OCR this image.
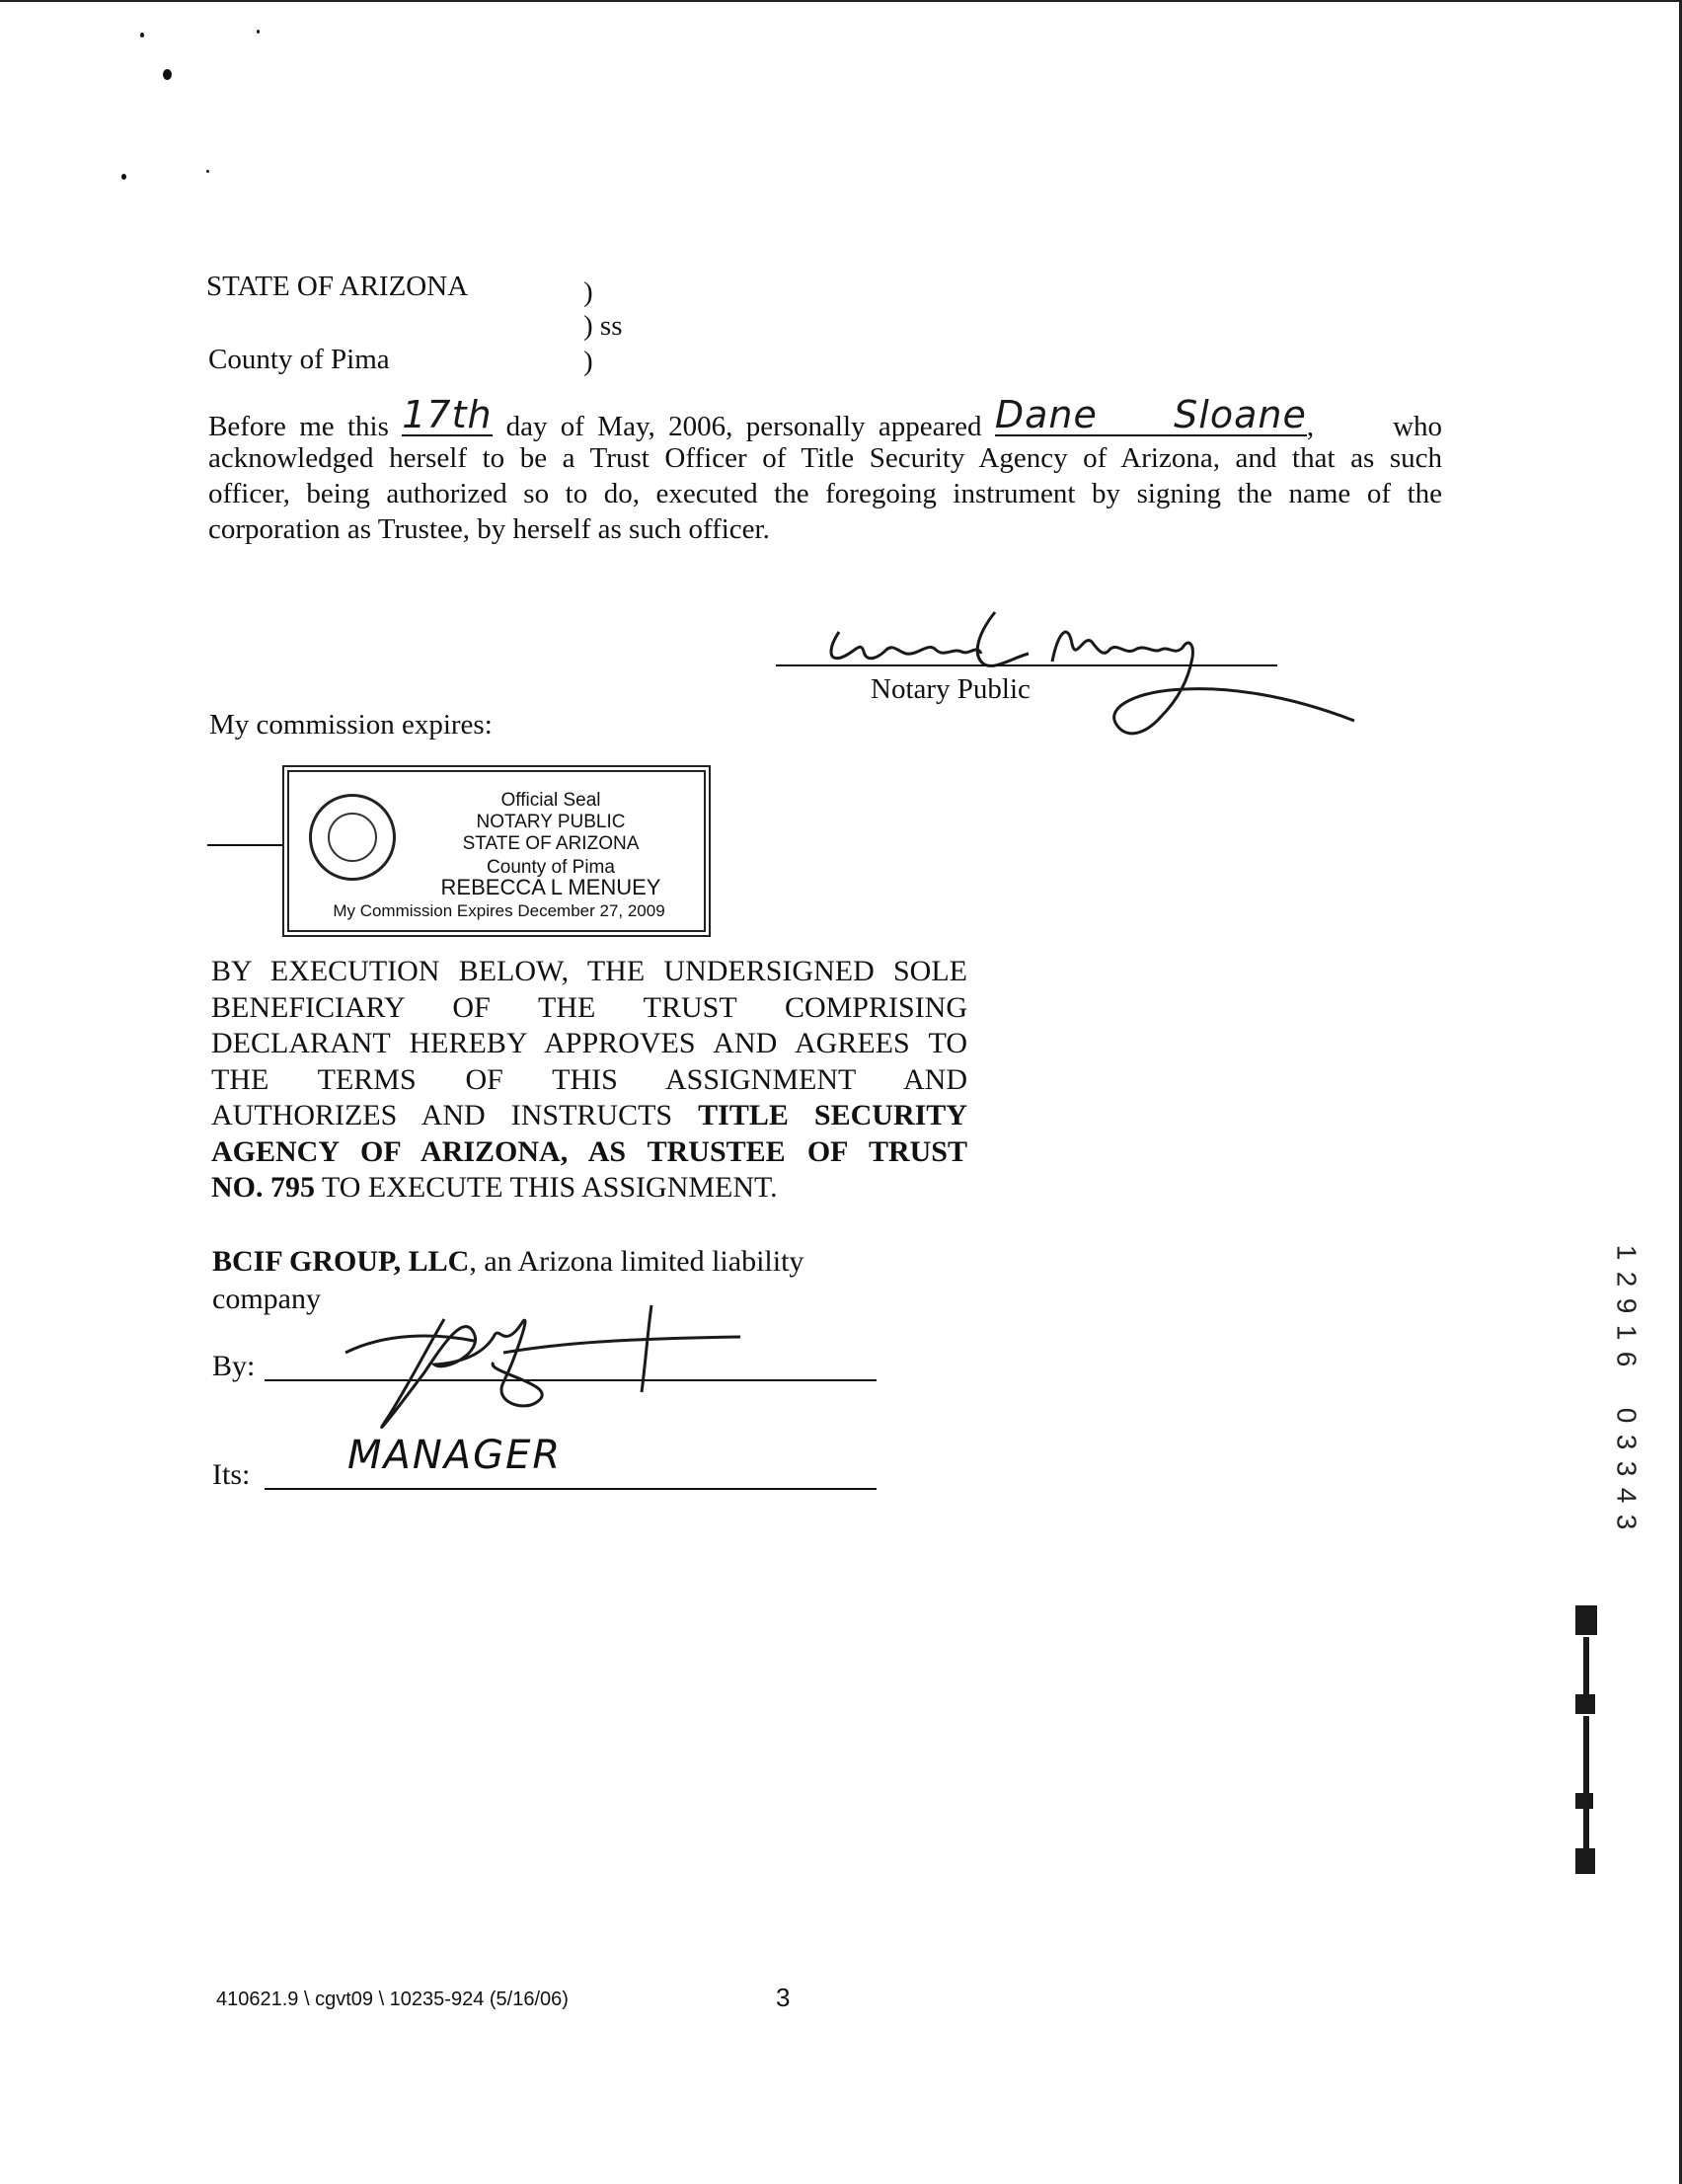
STATE OF ARIZONA
County of Pima
)
) ss
)
Before me this 17th day of May, 2006, personally appeared Dane Sloane,      who
acknowledged herself to be a Trust Officer of Title Security Agency of Arizona, and that as such
officer, being authorized so to do, executed the foregoing instrument by signing the name of the
corporation as Trustee, by herself as such officer.
Rebecca L Menuey
Notary Public
My commission expires:
Official Seal
NOTARY PUBLIC
STATE OF ARIZONA
County of Pima
REBECCA L MENUEY
My Commission Expires December 27, 2009
BY EXECUTION BELOW, THE UNDERSIGNED SOLE
BENEFICIARY OF THE TRUST COMPRISING
DECLARANT HEREBY APPROVES AND AGREES TO
THE TERMS OF THIS ASSIGNMENT AND
AUTHORIZES AND INSTRUCTS TITLE SECURITY
AGENCY OF ARIZONA, AS TRUSTEE OF TRUST
NO. 795 TO EXECUTE THIS ASSIGNMENT.
BCIF GROUP, LLC, an Arizona limited liability
company
By:
Its: MANAGER
1
2
9
1
6
0
3
3
4
3
410621.9 \ cgvt09 \ 10235-924 (5/16/06)	3
